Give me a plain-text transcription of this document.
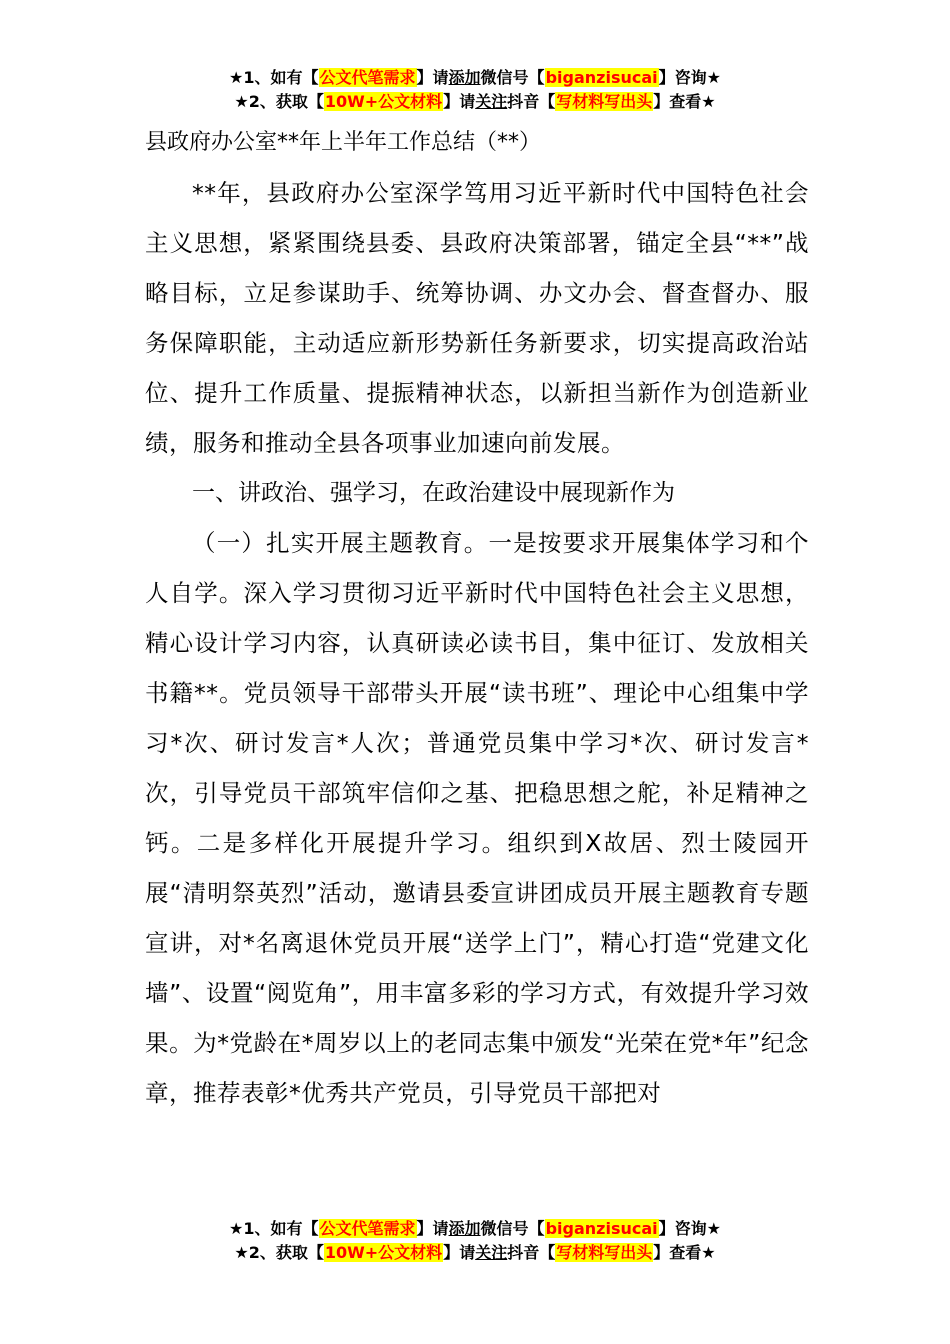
★1、如有【公文代笔需求】请添加微信号【biganzisucai】咨询★
★2、获取【10W+公文材料】请关注抖音【写材料写出头】查看★
县政府办公室**年上半年工作总结（**）

**年，县政府办公室深学笃用习近平新时代中国特色社会主义思想，紧紧围绕县委、县政府决策部署，锚定全县“**”战略目标，立足参谋助手、统筹协调、办文办会、督查督办、服务保障职能，主动适应新形势新任务新要求，切实提高政治站位、提升工作质量、提振精神状态，以新担当新作为创造新业绩，服务和推动全县各项事业加速向前发展。

一、讲政治、强学习，在政治建设中展现新作为

（一）扎实开展主题教育。一是按要求开展集体学习和个人自学。深入学习贯彻习近平新时代中国特色社会主义思想，精心设计学习内容，认真研读必读书目，集中征订、发放相关书籍**。党员领导干部带头开展“读书班”、理论中心组集中学习*次、研讨发言*人次；普通党员集中学习*次、研讨发言*次，引导党员干部筑牢信仰之基、把稳思想之舵，补足精神之钙。二是多样化开展提升学习。组织到X故居、烈士陵园开展“清明祭英烈”活动，邀请县委宣讲团成员开展主题教育专题宣讲，对*名离退休党员开展“送学上门”，精心打造“党建文化墙”、设置“阅览角”，用丰富多彩的学习方式，有效提升学习效果。为*党龄在*周岁以上的老同志集中颁发“光荣在党*年”纪念章，推荐表彰*优秀共产党员，引导党员干部把对

★1、如有【公文代笔需求】请添加微信号【biganzisucai】咨询★
★2、获取【10W+公文材料】请关注抖音【写材料写出头】查看★
